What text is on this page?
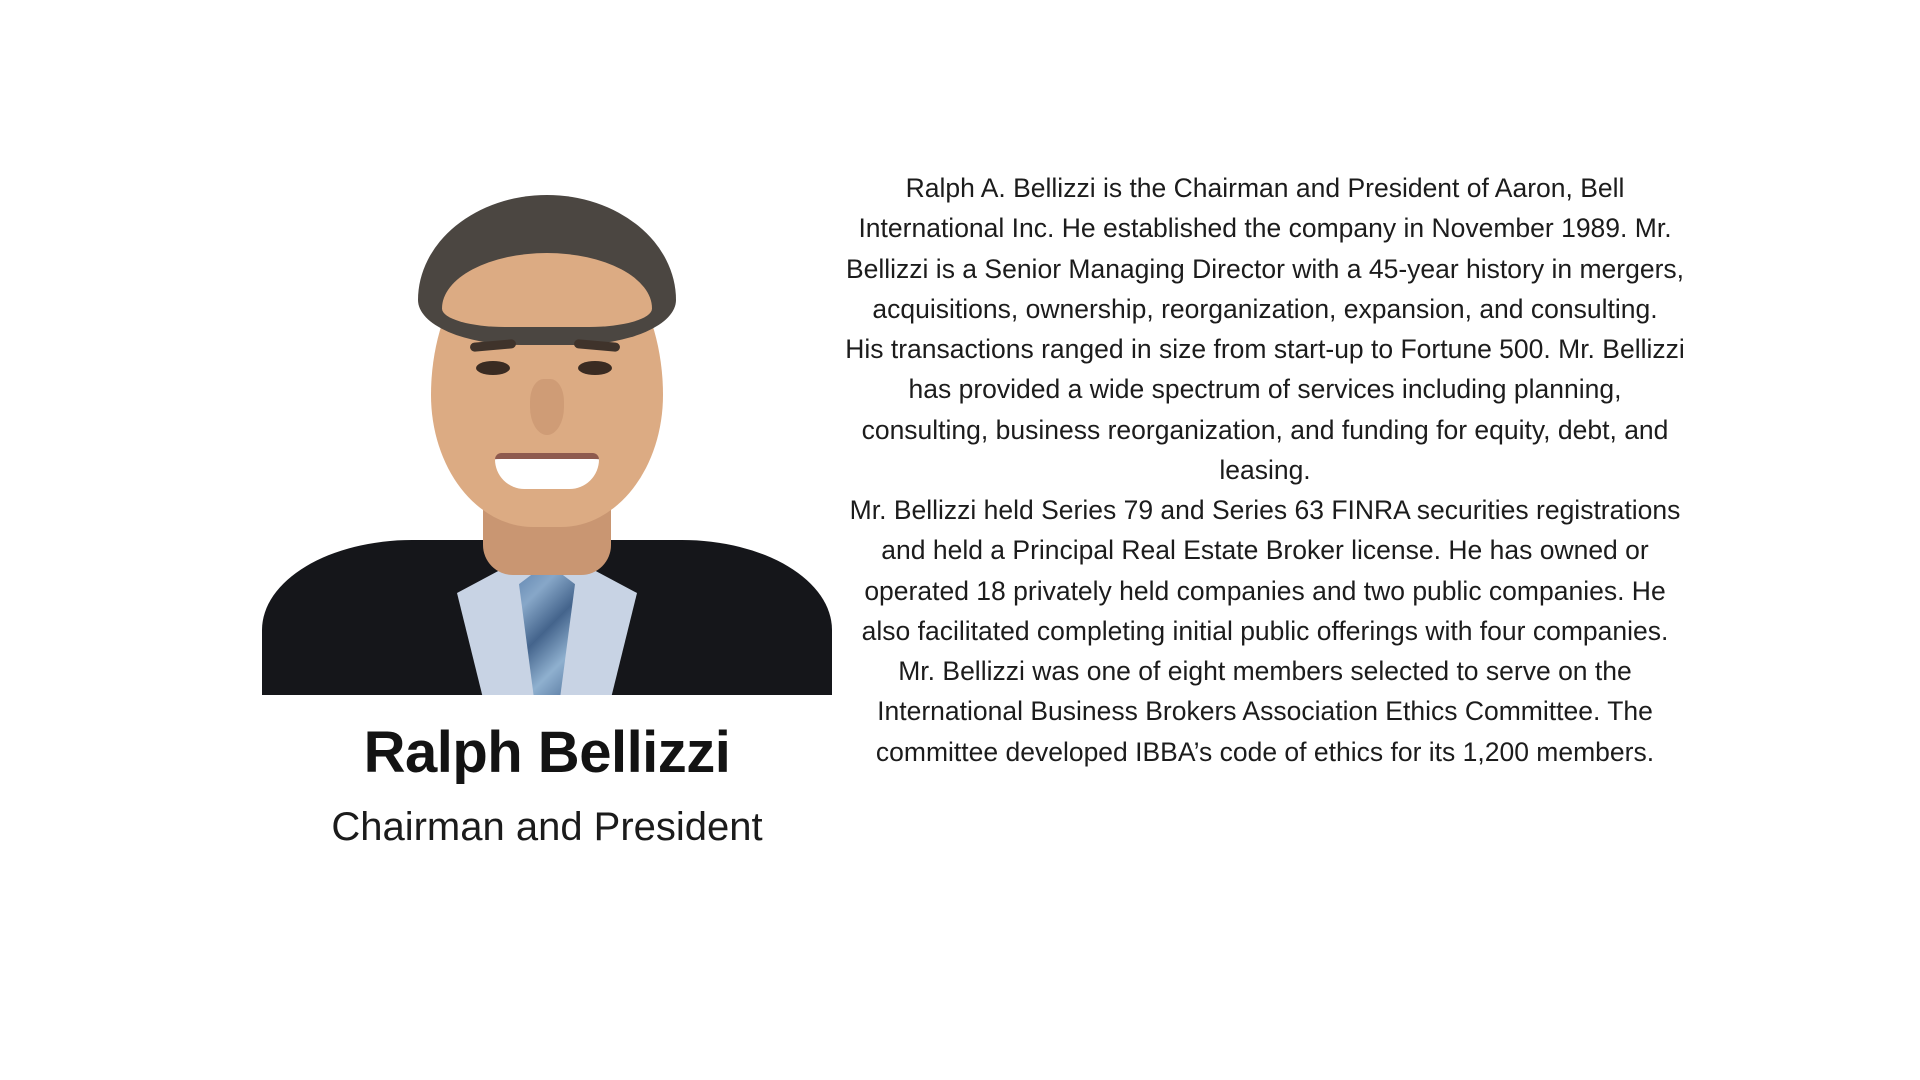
Ralph Bellizzi
Chairman and President

Ralph A. Bellizzi is the Chairman and President of Aaron, Bell International Inc. He established the company in November 1989. Mr. Bellizzi is a Senior Managing Director with a 45-year history in mergers, acquisitions, ownership, reorganization, expansion, and consulting.

His transactions ranged in size from start-up to Fortune 500. Mr. Bellizzi has provided a wide spectrum of services including planning, consulting, business reorganization, and funding for equity, debt, and leasing.

Mr. Bellizzi held Series 79 and Series 63 FINRA securities registrations and held a Principal Real Estate Broker license. He has owned or operated 18 privately held companies and two public companies. He also facilitated completing initial public offerings with four companies.

Mr. Bellizzi was one of eight members selected to serve on the International Business Brokers Association Ethics Committee. The committee developed IBBA’s code of ethics for its 1,200 members.
